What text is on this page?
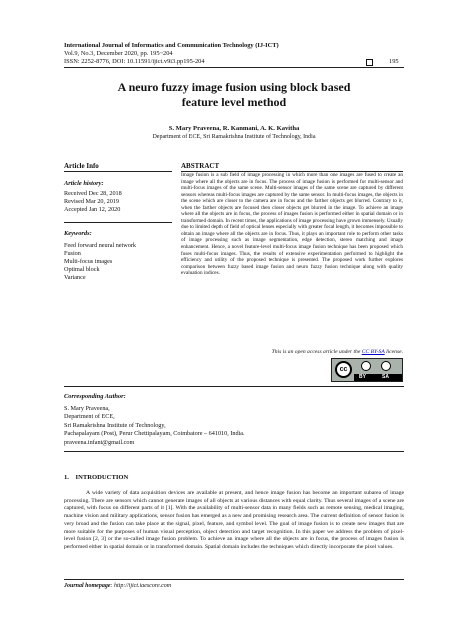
International Journal of Informatics and Communication Technology (IJ-ICT)
Vol.9, No.3, December 2020, pp. 195~204
ISSN: 2252-8776, DOI: 10.11591/ijict.v9i3.pp195-204	195
A neuro fuzzy image fusion using block based
feature level method
S. Mary Praveena, R. Kanmani, A. K. Kavitha
Department of ECE, Sri Ramakrishna Institute of Technology, India
Article Info	ABSTRACT
Article history:
Received Dec 28, 2018
Revised Mar 20, 2019
Accepted Jan 12, 2020
Keywords:
Feed forward neural network
Fusion
Multi-focus images
Optimal block
Variance
Image fusion is a sub field of image processing in which more than one images are fused to create an image where all the objects are in focus. The process of image fusion is performed for multi-sensor and multi-focus images of the same scene. Multi-sensor images of the same scene are captured by different sensors whereas multi-focus images are captured by the same sensor. In multi-focus images, the objects in the scene which are closer to the camera are in focus and the farther objects get blurred. Contrary to it, when the farther objects are focused then closer objects get blurred in the image. To achieve an image where all the objects are in focus, the process of images fusion is performed either in spatial domain or in transformed domain. In recent times, the applications of image processing have grown immensely. Usually due to limited depth of field of optical lenses especially with greater focal length, it becomes impossible to obtain an image where all the objects are in focus. Thus, it plays an important role to perform other tasks of image processing such as image segmentation, edge detection, stereo matching and image enhancement. Hence, a novel feature-level multi-focus image fusion technique has been proposed which fuses multi-focus images. Thus, the results of extensive experimentation performed to highlight the efficiency and utility of the proposed technique is presented. The proposed work further explores comparison between fuzzy based image fusion and neuro fuzzy fusion technique along with quality evaluation indices.
This is an open access article under the CC BY-SA license.
cc
BY	SA
Corresponding Author:
S. Mary Praveena,
Department of ECE,
Sri Ramakrishna Institute of Technology,
Pachapalayam (Post), Perur Chettipalayam, Coimbatore – 641010, India.
praveena.infant@gmail.com
1.    INTRODUCTION
A wide variety of data acquisition devices are available at present, and hence image fusion has become an important subarea of image processing. There are sensors which cannot generate images of all objects at various distances with equal clarity. Thus several images of a scene are captured, with focus on different parts of it [1]. With the availability of multi-sensor data in many fields such as remote sensing, medical imaging, machine vision and military applications, sensor fusion has emerged as a new and promising research area. The current definition of sensor fusion is very broad and the fusion can take place at the signal, pixel, feature, and symbol level. The goal of image fusion is to create new images that are more suitable for the purposes of human visual perception, object detection and target recognition. In this paper we address the problem of pixel-level fusion [2, 3] or the so-called image fusion problem. To achieve an image where all the objects are in focus, the process of images fusion is performed either in spatial domain or in transformed domain. Spatial domain includes the techniques which directly incorporate the pixel values.
Journal homepage: http://ijict.iaescore.com
